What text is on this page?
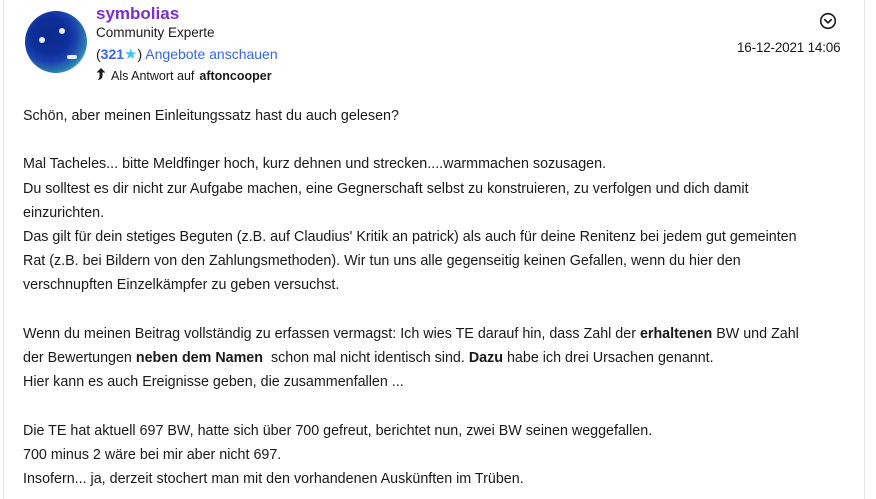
symbolias
Community Experte
(321★) Angebote anschauen
Als Antwort auf aftoncooper
16-12-2021 14:06

Schön, aber meinen Einleitungssatz hast du auch gelesen?

Mal Tacheles... bitte Meldfinger hoch, kurz dehnen und strecken....warmmachen sozusagen.

Du solltest es dir nicht zur Aufgabe machen, eine Gegnerschaft selbst zu konstruieren, zu verfolgen und dich damit

einzurichten.

Das gilt für dein stetiges Beguten (z.B. auf Claudius' Kritik an patrick) als auch für deine Renitenz bei jedem gut gemeinten

Rat (z.B. bei Bildern von den Zahlungsmethoden). Wir tun uns alle gegenseitig keinen Gefallen, wenn du hier den

verschnupften Einzelkämpfer zu geben versuchst.

Wenn du meinen Beitrag vollständig zu erfassen vermagst: Ich wies TE darauf hin, dass Zahl der erhaltenen BW und Zahl

der Bewertungen neben dem Namen  schon mal nicht identisch sind. Dazu habe ich drei Ursachen genannt.

Hier kann es auch Ereignisse geben, die zusammenfallen ...

Die TE hat aktuell 697 BW, hatte sich über 700 gefreut, berichtet nun, zwei BW seinen weggefallen.

700 minus 2 wäre bei mir aber nicht 697.

Insofern... ja, derzeit stochert man mit den vorhandenen Auskünften im Trüben.
